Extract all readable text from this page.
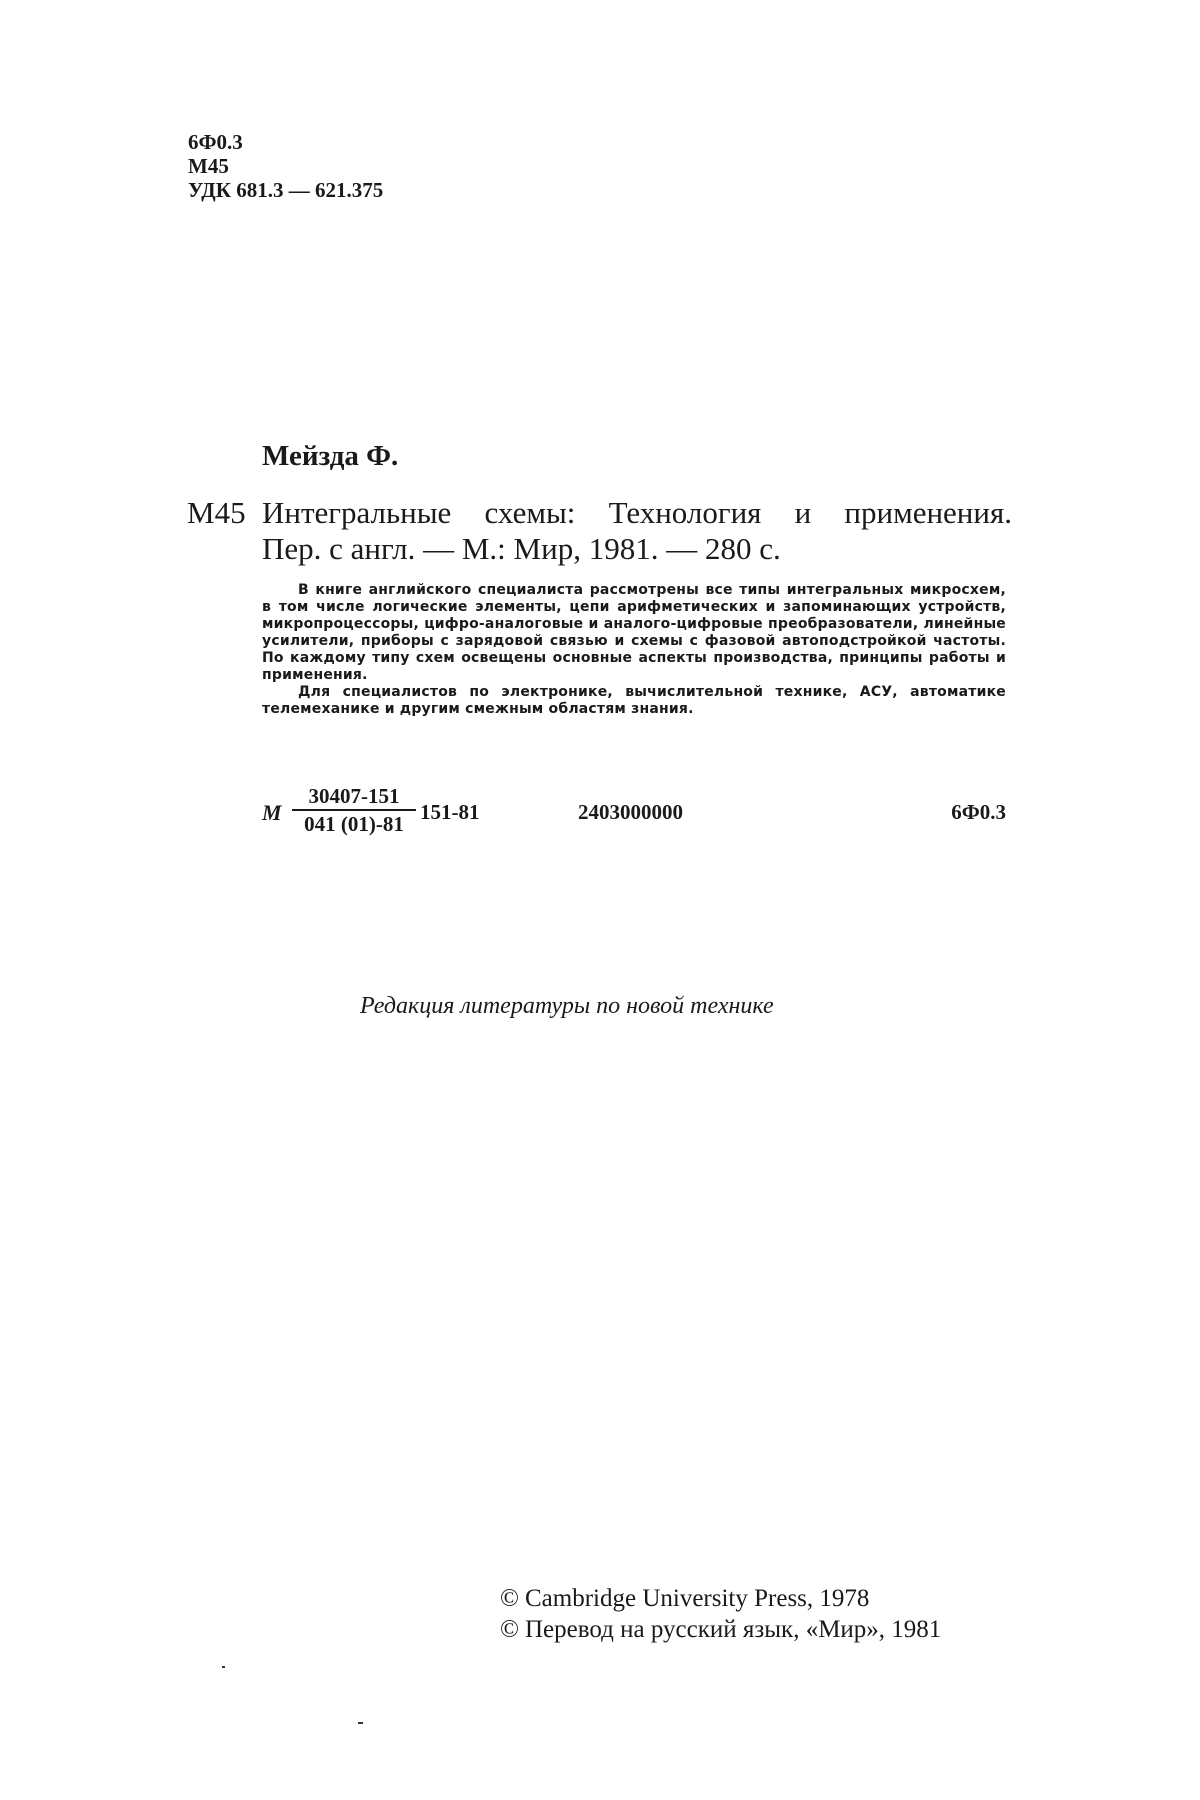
6Ф0.3
М45
УДК 681.3 — 621.375
Мейзда Ф.
М45 Интегральные схемы: Технология и применения.
Пер. с англ. — М.: Мир, 1981. — 280 с.

В книге английского специалиста рассмотрены все типы интегральных микросхем, в том числе логические элементы, цепи арифметических и запоминающих устройств, микропроцессоры, цифро-аналоговые и аналого-цифровые преобразователи, линейные усилители, приборы с зарядовой связью и схемы с фазовой автоподстройкой частоты. По каждому типу схем освещены основные аспекты производства, принципы работы и применения.

Для специалистов по электронике, вычислительной технике, АСУ, автоматике телемеханике и другим смежным областям знания.

М
30407-151
041 (01)-81 151-81	2403000000	6Ф0.3
Редакция литературы по новой технике
© Cambridge University Press, 1978
© Перевод на русский язык, «Мир», 1981
